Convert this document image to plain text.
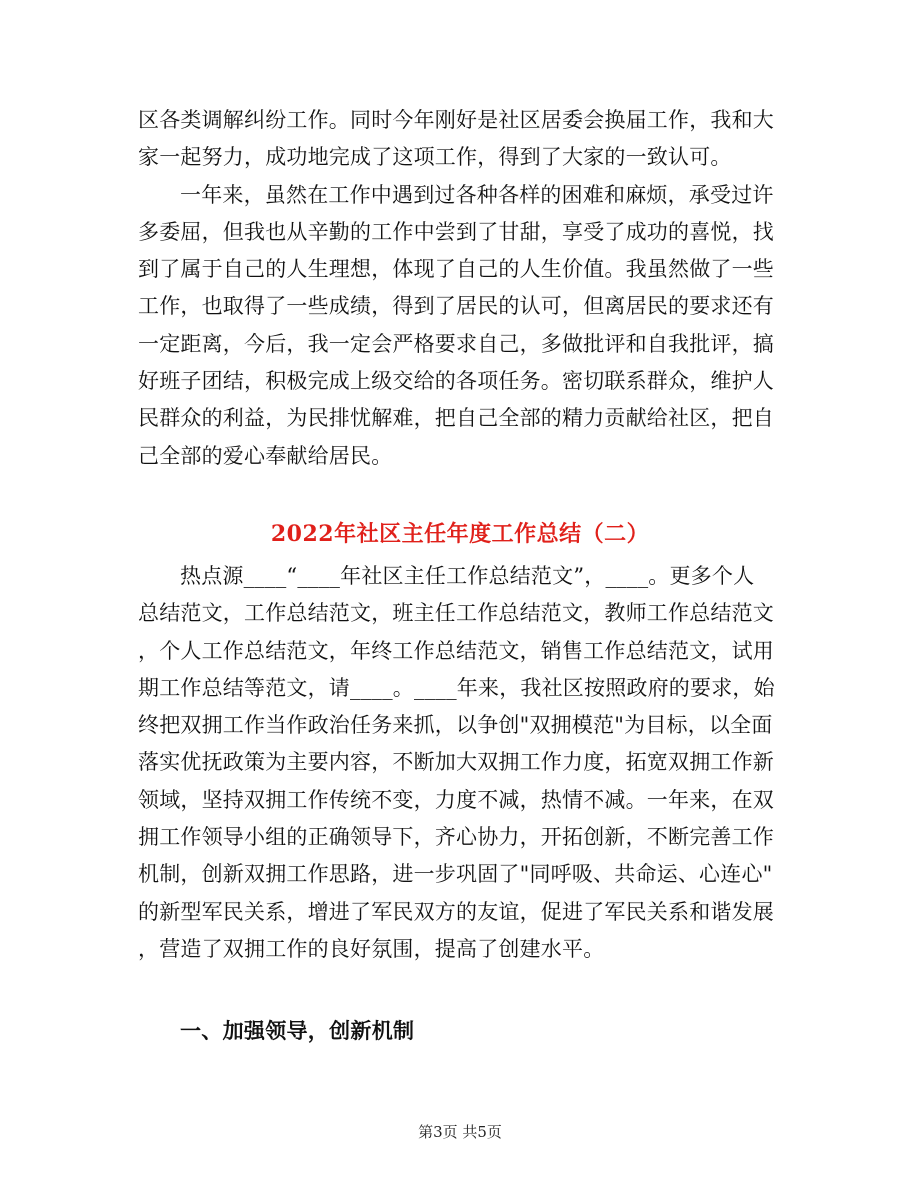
区各类调解纠纷工作。同时今年刚好是社区居委会换届工作，我和大
家一起努力，成功地完成了这项工作，得到了大家的一致认可。
一年来，虽然在工作中遇到过各种各样的困难和麻烦，承受过许
多委屈，但我也从辛勤的工作中尝到了甘甜，享受了成功的喜悦，找
到了属于自己的人生理想，体现了自己的人生价值。我虽然做了一些
工作，也取得了一些成绩，得到了居民的认可，但离居民的要求还有
一定距离，今后，我一定会严格要求自己，多做批评和自我批评，搞
好班子团结，积极完成上级交给的各项任务。密切联系群众，维护人
民群众的利益，为民排忧解难，把自己全部的精力贡献给社区，把自
己全部的爱心奉献给居民。
2022年社区主任年度工作总结（二）
热点源____“____年社区主任工作总结范文”，____。更多个人
总结范文，工作总结范文，班主任工作总结范文，教师工作总结范文
，个人工作总结范文，年终工作总结范文，销售工作总结范文，试用
期工作总结等范文，请____。____年来，我社区按照政府的要求，始
终把双拥工作当作政治任务来抓，以争创"双拥模范"为目标，以全面
落实优抚政策为主要内容，不断加大双拥工作力度，拓宽双拥工作新
领域，坚持双拥工作传统不变，力度不减，热情不减。一年来，在双
拥工作领导小组的正确领导下，齐心协力，开拓创新，不断完善工作
机制，创新双拥工作思路，进一步巩固了"同呼吸、共命运、心连心"
的新型军民关系，增进了军民双方的友谊，促进了军民关系和谐发展
，营造了双拥工作的良好氛围，提高了创建水平。
一、加强领导，创新机制
第3页 共5页
